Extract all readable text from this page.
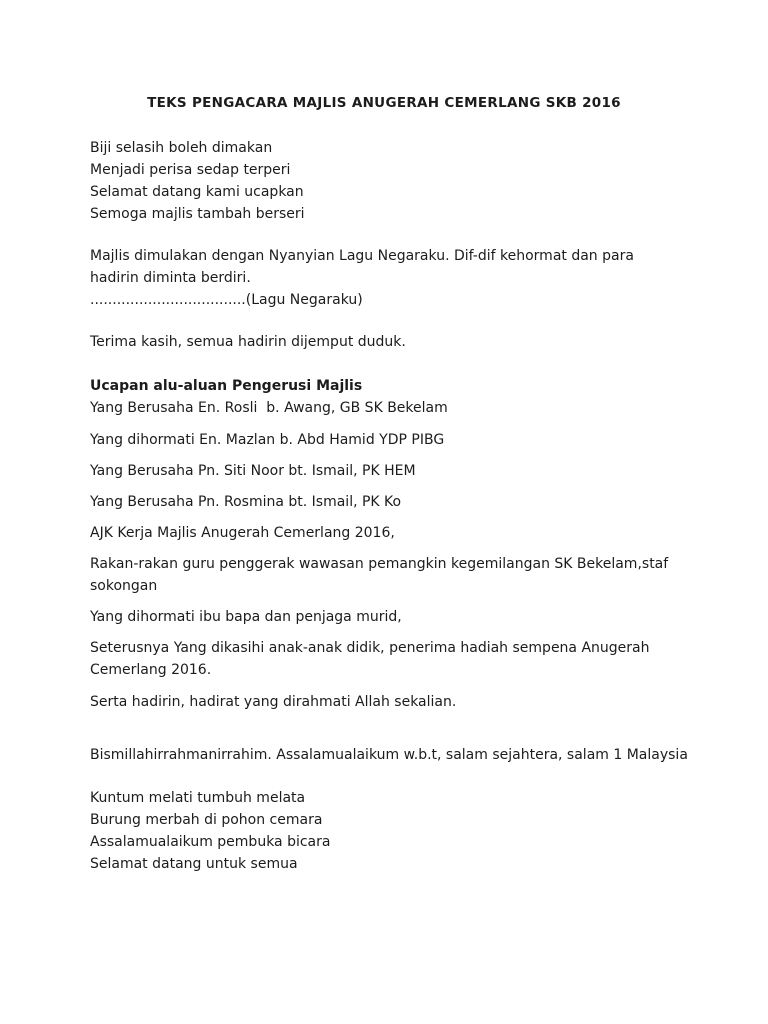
TEKS PENGACARA MAJLIS ANUGERAH CEMERLANG SKB 2016

Biji selasih boleh dimakan

Menjadi perisa sedap terperi

Selamat datang kami ucapkan

Semoga majlis tambah berseri

Majlis dimulakan dengan Nyanyian Lagu Negaraku. Dif-dif kehormat dan para

hadirin diminta berdiri.

...................................(Lagu Negaraku)

Terima kasih, semua hadirin dijemput duduk.

Ucapan alu-aluan Pengerusi Majlis

Yang Berusaha En. Rosli  b. Awang, GB SK Bekelam

Yang dihormati En. Mazlan b. Abd Hamid YDP PIBG

Yang Berusaha Pn. Siti Noor bt. Ismail, PK HEM

Yang Berusaha Pn. Rosmina bt. Ismail, PK Ko

AJK Kerja Majlis Anugerah Cemerlang 2016,

Rakan-rakan guru penggerak wawasan pemangkin kegemilangan SK Bekelam,staf

sokongan

Yang dihormati ibu bapa dan penjaga murid,

Seterusnya Yang dikasihi anak-anak didik, penerima hadiah sempena Anugerah

Cemerlang 2016.

Serta hadirin, hadirat yang dirahmati Allah sekalian.

Bismillahirrahmanirrahim. Assalamualaikum w.b.t, salam sejahtera, salam 1 Malaysia

Kuntum melati tumbuh melata

Burung merbah di pohon cemara

Assalamualaikum pembuka bicara

Selamat datang untuk semua
